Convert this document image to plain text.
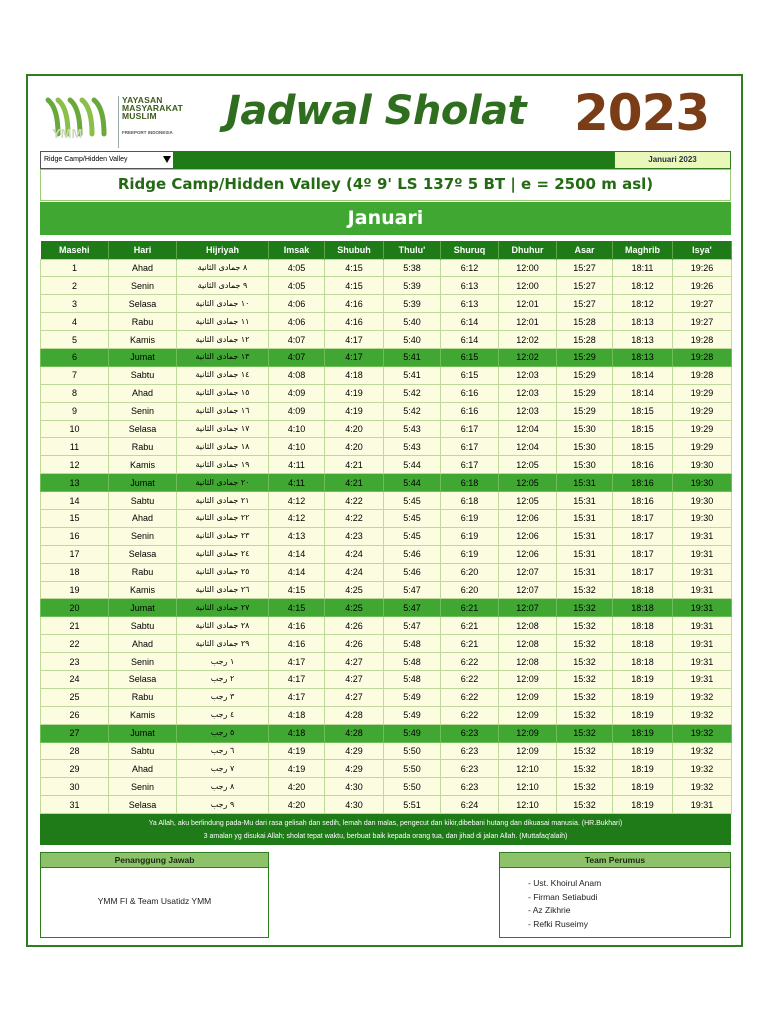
YMM
YAYASAN
MASYARAKAT
MUSLIM
FREEPORT INDONESIA Jadwal Sholat 2023
Ridge Camp/Hidden Valley	Januari 2023
Ridge Camp/Hidden Valley (4º 9' LS 137º 5 BT | e = 2500 m asl)
Januari
Masehi	Hari	Hijriyah	Imsak	Shubuh	Thulu'	Shuruq	Dhuhur	Asar	Maghrib	Isya'
1	Ahad	٨ جمادى الثانية	4:05	4:15	5:38	6:12	12:00	15:27	18:11	19:26
2	Senin	٩ جمادى الثانية	4:05	4:15	5:39	6:13	12:00	15:27	18:12	19:26
3	Selasa	١٠ جمادى الثانية	4:06	4:16	5:39	6:13	12:01	15:27	18:12	19:27
4	Rabu	١١ جمادى الثانية	4:06	4:16	5:40	6:14	12:01	15:28	18:13	19:27
5	Kamis	١٢ جمادى الثانية	4:07	4:17	5:40	6:14	12:02	15:28	18:13	19:28
6	Jumat	١٣ جمادى الثانية	4:07	4:17	5:41	6:15	12:02	15:29	18:13	19:28
7	Sabtu	١٤ جمادى الثانية	4:08	4:18	5:41	6:15	12:03	15:29	18:14	19:28
8	Ahad	١٥ جمادى الثانية	4:09	4:19	5:42	6:16	12:03	15:29	18:14	19:29
9	Senin	١٦ جمادى الثانية	4:09	4:19	5:42	6:16	12:03	15:29	18:15	19:29
10	Selasa	١٧ جمادى الثانية	4:10	4:20	5:43	6:17	12:04	15:30	18:15	19:29
11	Rabu	١٨ جمادى الثانية	4:10	4:20	5:43	6:17	12:04	15:30	18:15	19:29
12	Kamis	١٩ جمادى الثانية	4:11	4:21	5:44	6:17	12:05	15:30	18:16	19:30
13	Jumat	٢٠ جمادى الثانية	4:11	4:21	5:44	6:18	12:05	15:31	18:16	19:30
14	Sabtu	٢١ جمادى الثانية	4:12	4:22	5:45	6:18	12:05	15:31	18:16	19:30
15	Ahad	٢٢ جمادى الثانية	4:12	4:22	5:45	6:19	12:06	15:31	18:17	19:30
16	Senin	٢٣ جمادى الثانية	4:13	4:23	5:45	6:19	12:06	15:31	18:17	19:31
17	Selasa	٢٤ جمادى الثانية	4:14	4:24	5:46	6:19	12:06	15:31	18:17	19:31
18	Rabu	٢٥ جمادى الثانية	4:14	4:24	5:46	6:20	12:07	15:31	18:17	19:31
19	Kamis	٢٦ جمادى الثانية	4:15	4:25	5:47	6:20	12:07	15:32	18:18	19:31
20	Jumat	٢٧ جمادى الثانية	4:15	4:25	5:47	6:21	12:07	15:32	18:18	19:31
21	Sabtu	٢٨ جمادى الثانية	4:16	4:26	5:47	6:21	12:08	15:32	18:18	19:31
22	Ahad	٢٩ جمادى الثانية	4:16	4:26	5:48	6:21	12:08	15:32	18:18	19:31
23	Senin	١ رجب	4:17	4:27	5:48	6:22	12:08	15:32	18:18	19:31
24	Selasa	٢ رجب	4:17	4:27	5:48	6:22	12:09	15:32	18:19	19:31
25	Rabu	٣ رجب	4:17	4:27	5:49	6:22	12:09	15:32	18:19	19:32
26	Kamis	٤ رجب	4:18	4:28	5:49	6:22	12:09	15:32	18:19	19:32
27	Jumat	٥ رجب	4:18	4:28	5:49	6:23	12:09	15:32	18:19	19:32
28	Sabtu	٦ رجب	4:19	4:29	5:50	6:23	12:09	15:32	18:19	19:32
29	Ahad	٧ رجب	4:19	4:29	5:50	6:23	12:10	15:32	18:19	19:32
30	Senin	٨ رجب	4:20	4:30	5:50	6:23	12:10	15:32	18:19	19:32
31	Selasa	٩ رجب	4:20	4:30	5:51	6:24	12:10	15:32	18:19	19:31
Ya Allah, aku berlindung pada-Mu dari rasa gelisah dan sedih, lemah dan malas, pengecut dan kikir,dibebani hutang dan dikuasai manusia. (HR.Bukhari)
3 amalan yg disukai Allah; sholat tepat waktu, berbuat baik kepada orang tua, dan jihad di jalan Allah. (Muttafaq'alaih)
Penanggung Jawab
YMM FI & Team Usatidz YMM
Team Perumus
- Ust. Khoirul Anam
- Firman Setiabudi
- Az Zikhrie
- Refki Ruseimy
